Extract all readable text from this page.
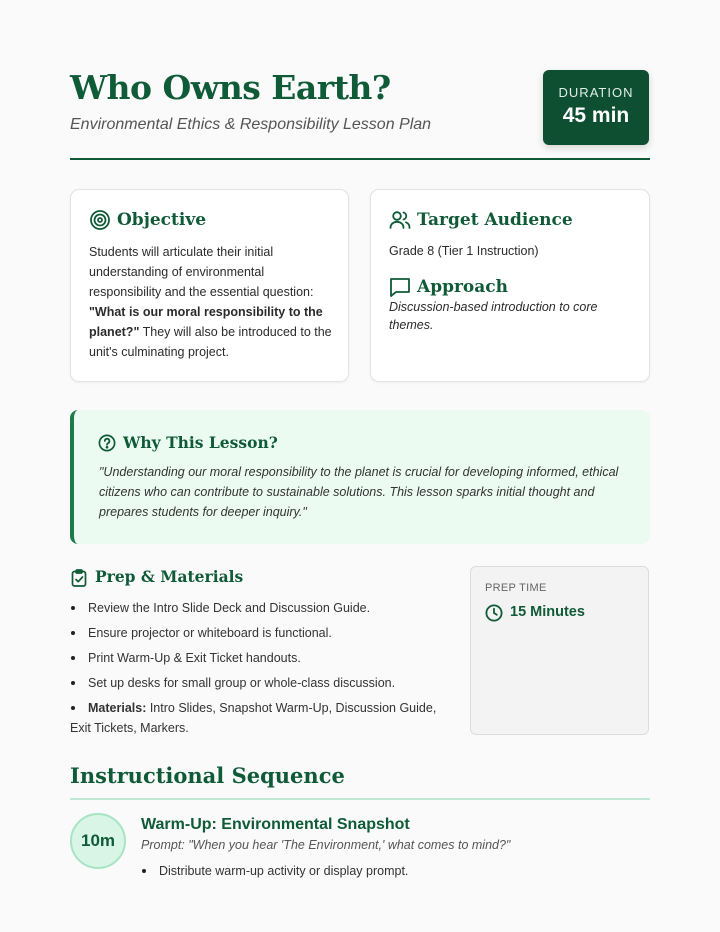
Who Owns Earth?
Environmental Ethics & Responsibility Lesson Plan
DURATION
45 min
Objective
Students will articulate their initial understanding of environmental responsibility and the essential question: "What is our moral responsibility to the planet?" They will also be introduced to the unit's culminating project.
Target Audience
Grade 8 (Tier 1 Instruction)
Approach
Discussion-based introduction to core themes.
Why This Lesson?
"Understanding our moral responsibility to the planet is crucial for developing informed, ethical citizens who can contribute to sustainable solutions. This lesson sparks initial thought and prepares students for deeper inquiry."
Prep & Materials
Review the Intro Slide Deck and Discussion Guide.
Ensure projector or whiteboard is functional.
Print Warm-Up & Exit Ticket handouts.
Set up desks for small group or whole-class discussion.
Materials: Intro Slides, Snapshot Warm-Up, Discussion Guide, Exit Tickets, Markers.
PREP TIME
15 Minutes
Instructional Sequence
10m
Warm-Up: Environmental Snapshot
Prompt: "When you hear 'The Environment,' what comes to mind?"
Distribute warm-up activity or display prompt.
